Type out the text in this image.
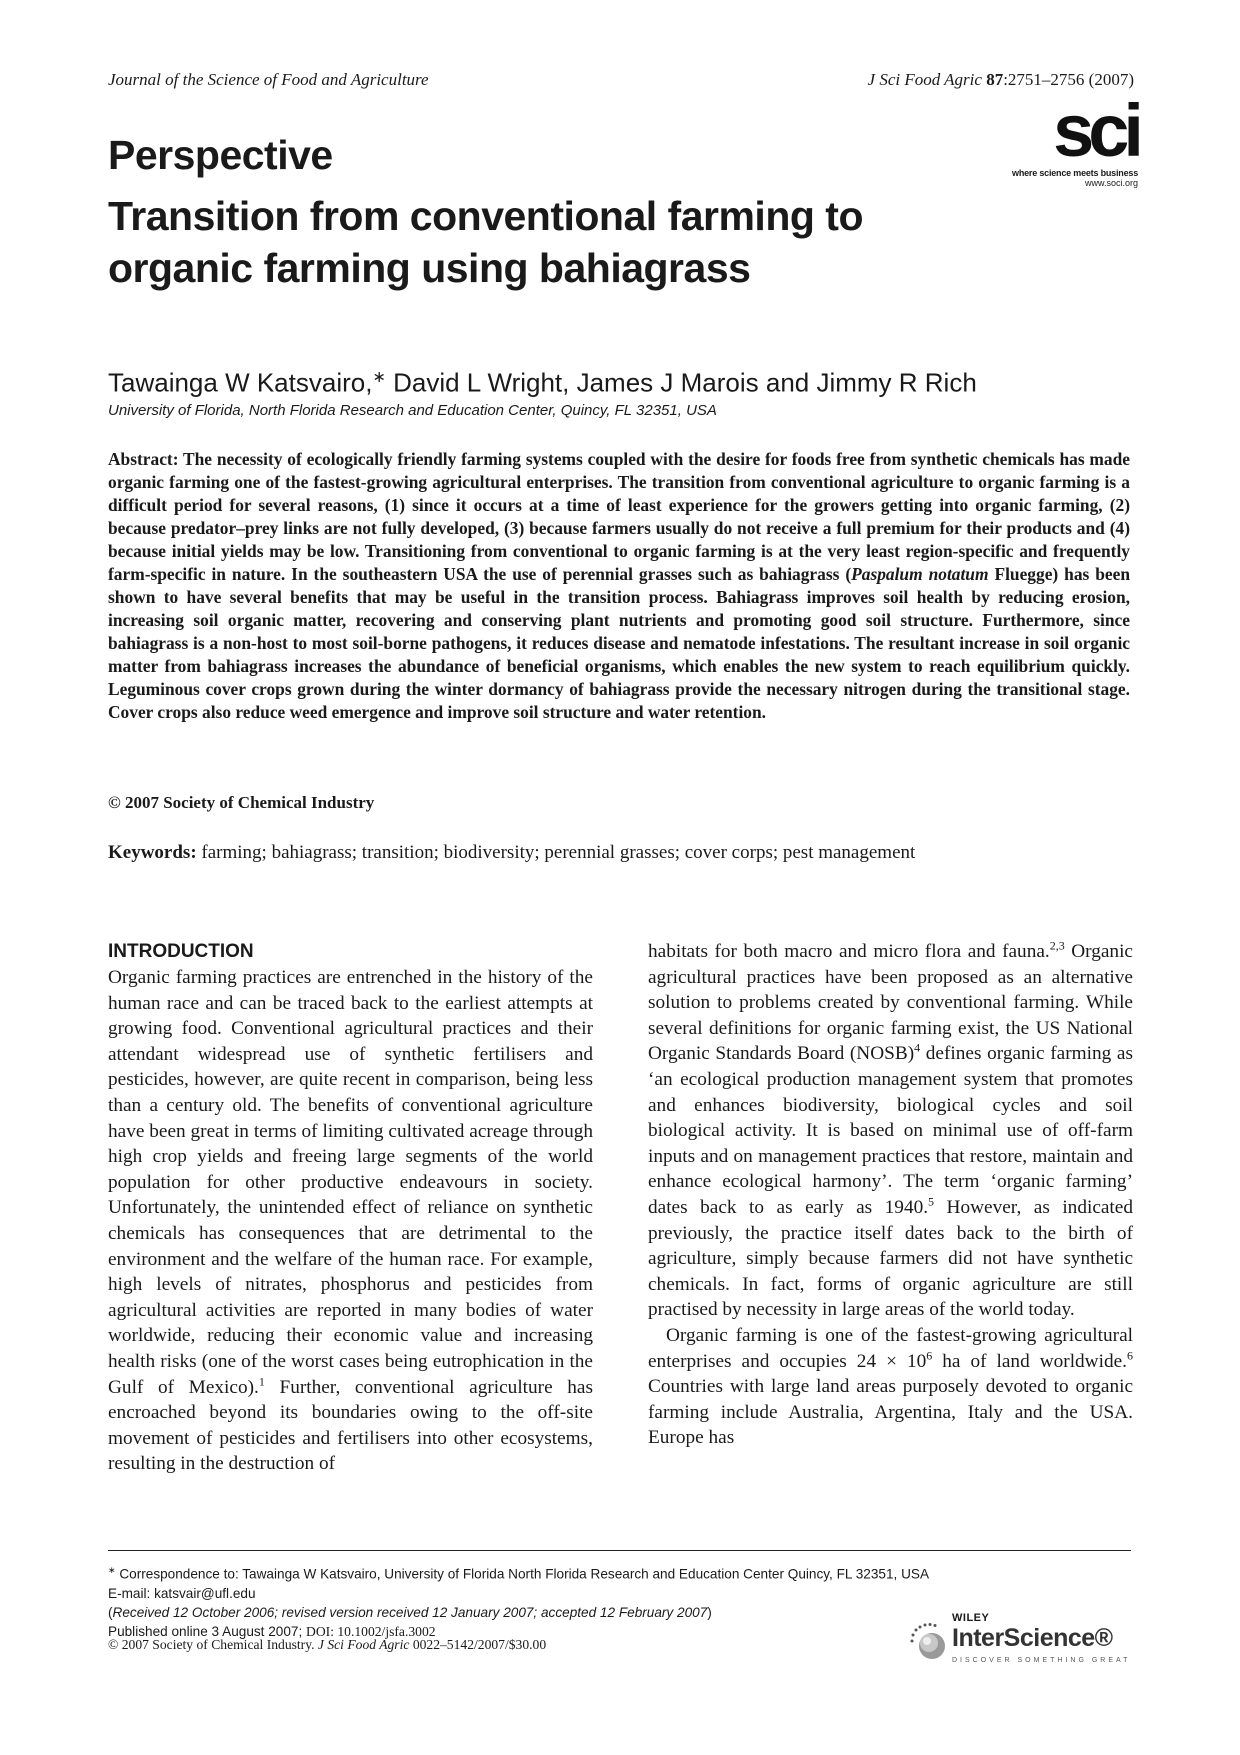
Journal of the Science of Food and Agriculture	J Sci Food Agric 87:2751–2756 (2007)
sci
where science meets business
www.soci.org
Perspective
Transition from conventional farming to
organic farming using bahiagrass
Tawainga W Katsvairo,∗ David L Wright, James J Marois and Jimmy R Rich
University of Florida, North Florida Research and Education Center, Quincy, FL 32351, USA
Abstract: The necessity of ecologically friendly farming systems coupled with the desire for foods free from synthetic chemicals has made organic farming one of the fastest-growing agricultural enterprises. The transition from conventional agriculture to organic farming is a difficult period for several reasons, (1) since it occurs at a time of least experience for the growers getting into organic farming, (2) because predator–prey links are not fully developed, (3) because farmers usually do not receive a full premium for their products and (4) because initial yields may be low. Transitioning from conventional to organic farming is at the very least region-specific and frequently farm-specific in nature. In the southeastern USA the use of perennial grasses such as bahiagrass (Paspalum notatum Fluegge) has been shown to have several benefits that may be useful in the transition process. Bahiagrass improves soil health by reducing erosion, increasing soil organic matter, recovering and conserving plant nutrients and promoting good soil structure. Furthermore, since bahiagrass is a non-host to most soil-borne pathogens, it reduces disease and nematode infestations. The resultant increase in soil organic matter from bahiagrass increases the abundance of beneficial organisms, which enables the new system to reach equilibrium quickly. Leguminous cover crops grown during the winter dormancy of bahiagrass provide the necessary nitrogen during the transitional stage. Cover crops also reduce weed emergence and improve soil structure and water retention.
© 2007 Society of Chemical Industry
Keywords: farming; bahiagrass; transition; biodiversity; perennial grasses; cover corps; pest management
INTRODUCTION

Organic farming practices are entrenched in the history of the human race and can be traced back to the earliest attempts at growing food. Conventional agricultural practices and their attendant widespread use of synthetic fertilisers and pesticides, however, are quite recent in comparison, being less than a century old. The benefits of conventional agriculture have been great in terms of limiting cultivated acreage through high crop yields and freeing large segments of the world population for other productive endeavours in society. Unfortunately, the unintended effect of reliance on synthetic chemicals has consequences that are detrimental to the environment and the welfare of the human race. For example, high levels of nitrates, phosphorus and pesticides from agricultural activities are reported in many bodies of water worldwide, reducing their economic value and increasing health risks (one of the worst cases being eutrophication in the Gulf of Mexico).$^1$ Further, conventional agriculture has encroached beyond its boundaries owing to the off-site movement of pesticides and fertilisers into other ecosystems, resulting in the destruction of

habitats for both macro and micro flora and fauna.$^{2,3}$ Organic agricultural practices have been proposed as an alternative solution to problems created by conventional farming. While several definitions for organic farming exist, the US National Organic Standards Board (NOSB)$^4$ defines organic farming as ‘an ecological production management system that promotes and enhances biodiversity, biological cycles and soil biological activity. It is based on minimal use of off-farm inputs and on management practices that restore, maintain and enhance ecological harmony’. The term ‘organic farming’ dates back to as early as 1940.$^5$ However, as indicated previously, the practice itself dates back to the birth of agriculture, simply because farmers did not have synthetic chemicals. In fact, forms of organic agriculture are still practised by necessity in large areas of the world today.

Organic farming is one of the fastest-growing agricultural enterprises and occupies $24 \times 10^6$ ha of land worldwide.$^6$ Countries with large land areas purposely devoted to organic farming include Australia, Argentina, Italy and the USA. Europe has

∗ Correspondence to: Tawainga W Katsvairo, University of Florida North Florida Research and Education Center Quincy, FL 32351, USA
E-mail: katsvair@ufl.edu
(Received 12 October 2006; revised version received 12 January 2007; accepted 12 February 2007)
Published online 3 August 2007; DOI: 10.1002/jsfa.3002
© 2007 Society of Chemical Industry. J Sci Food Agric 0022–5142/2007/$30.00
WILEY
InterScience®
DISCOVER SOMETHING GREAT
